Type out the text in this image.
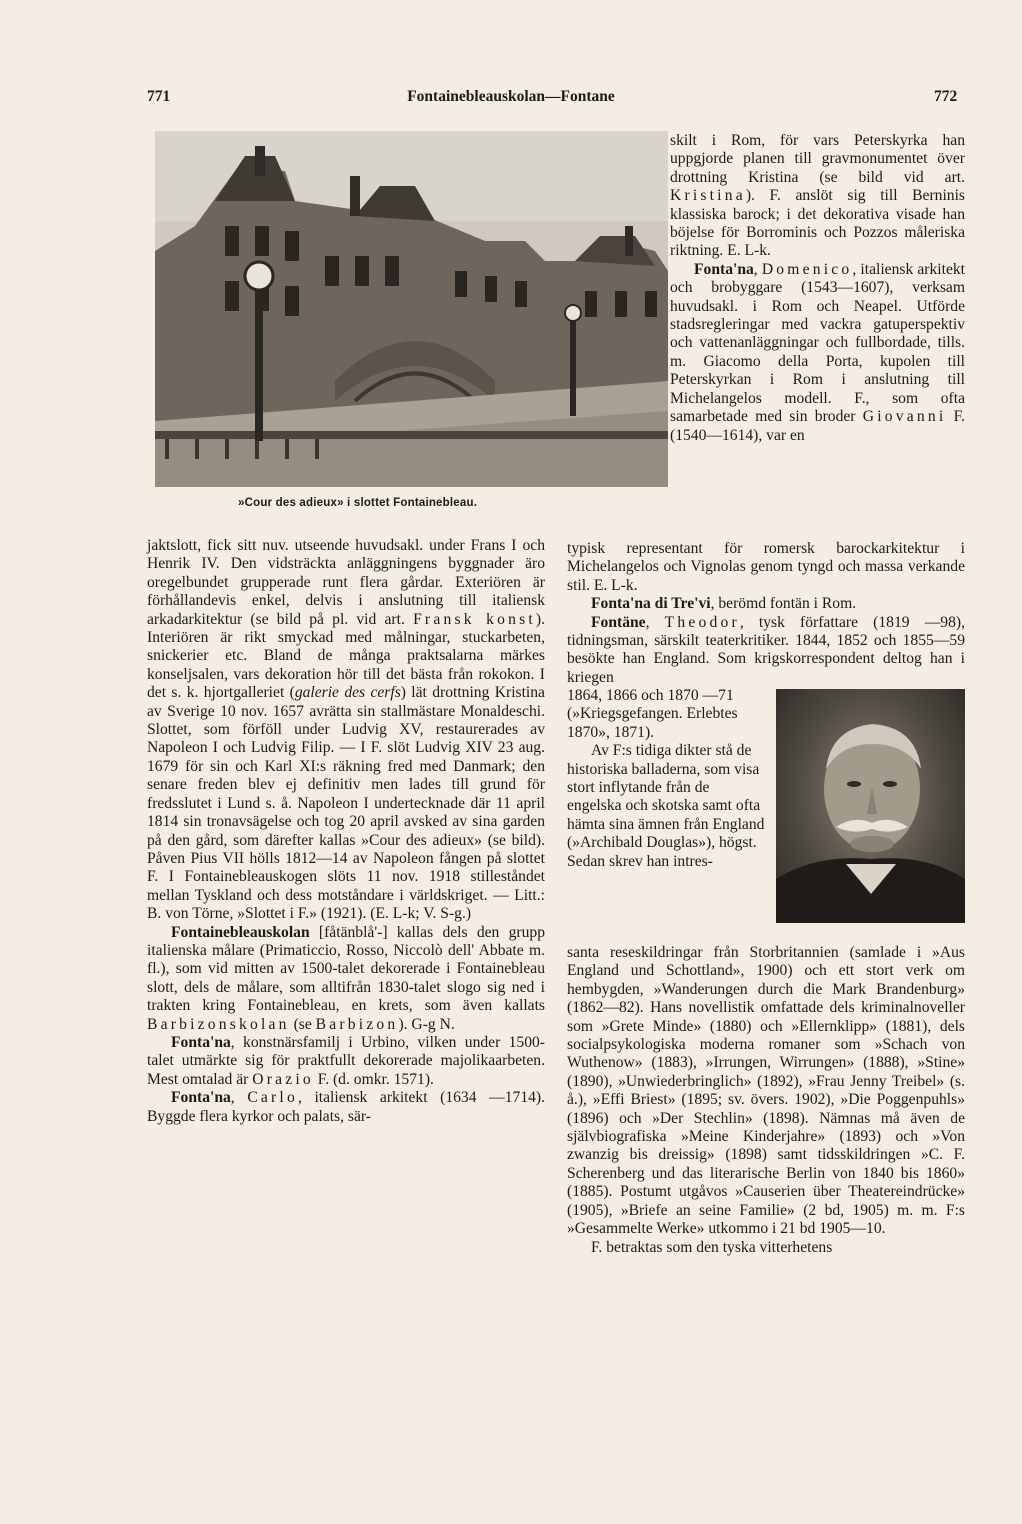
771	Fontainebleauskolan—Fontane	772
»Cour des adieux» i slottet Fontainebleau.

jaktslott, fick sitt nuv. utseende huvudsakl. under Frans I och Henrik IV. Den vidsträckta anläggningens byggnader äro oregelbundet grupperade runt flera gårdar. Exteriören är förhållandevis enkel, delvis i anslutning till italiensk arkadarkitektur (se bild på pl. vid art. Fransk konst). Interiören är rikt smyckad med målningar, stuckarbeten, snickerier etc. Bland de många praktsalarna märkes konseljsalen, vars dekoration hör till det bästa från rokokon. I det s. k. hjortgalleriet (galerie des cerfs) lät drottning Kristina av Sverige 10 nov. 1657 avrätta sin stallmästare Monaldeschi. Slottet, som förföll under Ludvig XV, restaurerades av Napoleon I och Ludvig Filip. — I F. slöt Ludvig XIV 23 aug. 1679 för sin och Karl XI:s räkning fred med Danmark; den senare freden blev ej definitiv men lades till grund för fredsslutet i Lund s. å. Napoleon I undertecknade där 11 april 1814 sin tronavsägelse och tog 20 april avsked av sina garden på den gård, som därefter kallas »Cour des adieux» (se bild). Påven Pius VII hölls 1812—14 av Napoleon fången på slottet F. I Fontainebleauskogen slöts 11 nov. 1918 stilleståndet mellan Tyskland och dess motståndare i världskriget. — Litt.: B. von Törne, »Slottet i F.» (1921). (E. L-k; V. S-g.)

Fontainebleauskolan [fåtänblå'-] kallas dels den grupp italienska målare (Primaticcio, Rosso, Niccolò dell' Abbate m. fl.), som vid mitten av 1500-talet dekorerade i Fontainebleau slott, dels de målare, som alltifrån 1830-talet slogo sig ned i trakten kring Fontainebleau, en krets, som även kallats Barbizonskolan (se Barbizon). G-g N.

Fonta'na, konstnärsfamilj i Urbino, vilken under 1500-talet utmärkte sig för praktfullt dekorerade majolikaarbeten. Mest omtalad är Orazio F. (d. omkr. 1571).

Fonta'na, Carlo, italiensk arkitekt (1634 —1714). Byggde flera kyrkor och palats, sär-

skilt i Rom, för vars Peterskyrka han uppgjorde planen till gravmonumentet över drottning Kristina (se bild vid art. Kristina). F. anslöt sig till Berninis klassiska barock; i det dekorativa visade han böjelse för Borrominis och Pozzos måleriska riktning. E. L-k.

Fonta'na, Domenico, italiensk arkitekt och brobyggare (1543—1607), verksam huvudsakl. i Rom och Neapel. Utförde stadsregleringar med vackra gatuperspektiv och vattenanläggningar och fullbordade, tills. m. Giacomo della Porta, kupolen till Peterskyrkan i Rom i anslutning till Michelangelos modell. F., som ofta samarbetade med sin broder Giovanni F. (1540—1614), var en

typisk representant för romersk barockarkitektur i Michelangelos och Vignolas genom tyngd och massa verkande stil. E. L-k.

Fonta'na di Tre'vi, berömd fontän i Rom.

Fontäne, Theodor, tysk författare (1819 —98), tidningsman, särskilt teaterkritiker. 1844, 1852 och 1855—59 besökte han England. Som krigskorrespondent deltog han i kriegen

1864, 1866 och 1870 —71 (»Kriegsgefangen. Erlebtes 1870», 1871).

Av F:s tidiga dikter stå de historiska balladerna, som visa stort inflytande från de engelska och skotska samt ofta hämta sina ämnen från England (»Archibald Douglas»), högst. Sedan skrev han intres-

santa reseskildringar från Storbritannien (samlade i »Aus England und Schottland», 1900) och ett stort verk om hembygden, »Wanderungen durch die Mark Brandenburg» (1862—82). Hans novellistik omfattade dels kriminalnoveller som »Grete Minde» (1880) och »Ellernklipp» (1881), dels socialpsykologiska moderna romaner som »Schach von Wuthenow» (1883), »Irrungen, Wirrungen» (1888), »Stine» (1890), »Unwiederbringlich» (1892), »Frau Jenny Treibel» (s. å.), »Effi Briest» (1895; sv. övers. 1902), »Die Poggenpuhls» (1896) och »Der Stechlin» (1898). Nämnas må även de självbiografiska »Meine Kinderjahre» (1893) och »Von zwanzig bis dreissig» (1898) samt tidsskildringen »C. F. Scherenberg und das literarische Berlin von 1840 bis 1860» (1885). Postumt utgåvos »Causerien über Theatereindrücke» (1905), »Briefe an seine Familie» (2 bd, 1905) m. m. F:s »Gesammelte Werke» utkommo i 21 bd 1905—10.

F. betraktas som den tyska vitterhetens
